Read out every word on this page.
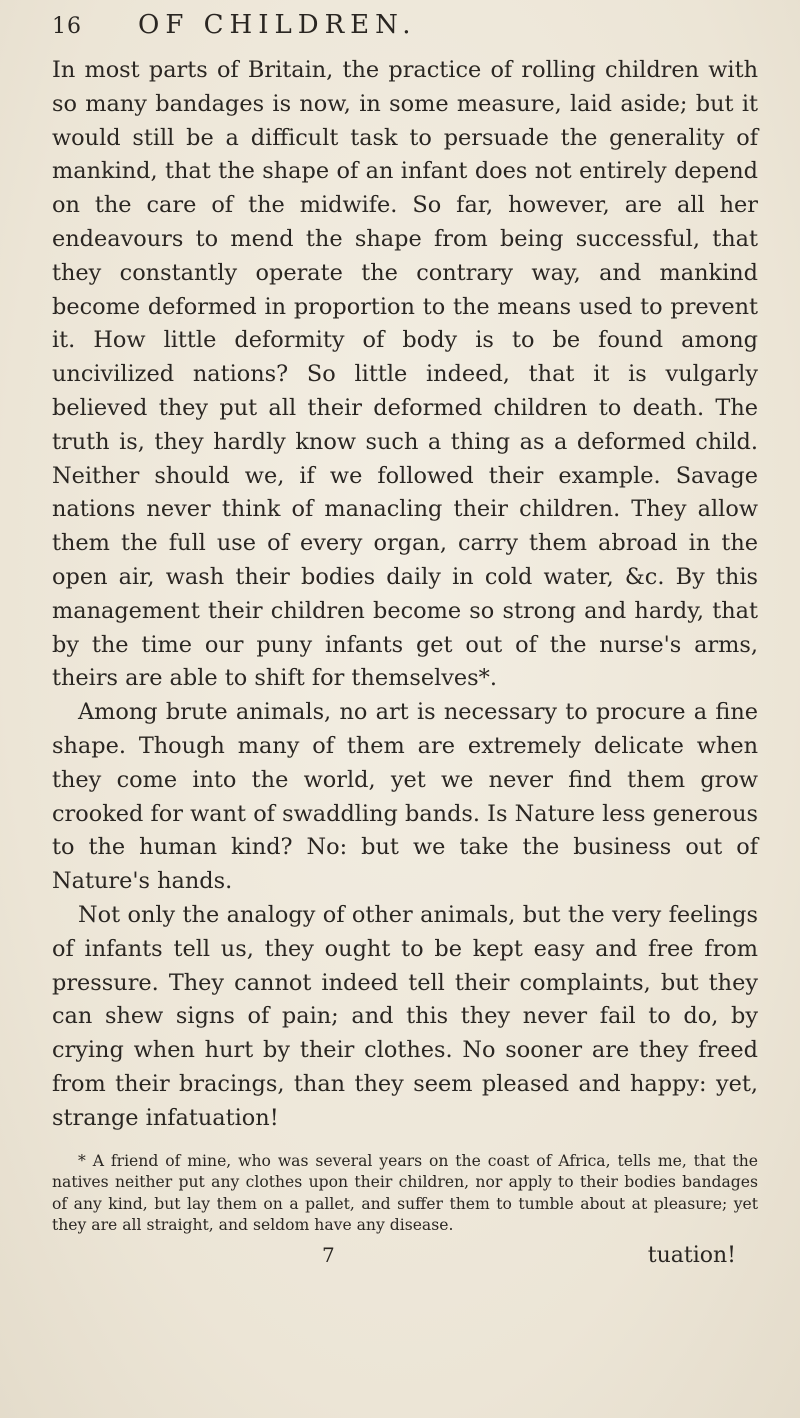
16	OF CHILDREN.

In most parts of Britain, the practice of rolling children with so many bandages is now, in some measure, laid aside; but it would still be a difficult task to persuade the generality of mankind, that the shape of an infant does not entirely depend on the care of the midwife. So far, however, are all her endeavours to mend the shape from being successful, that they constantly operate the contrary way, and mankind become deformed in proportion to the means used to prevent it. How little deformity of body is to be found among uncivilized nations? So little indeed, that it is vulgarly believed they put all their deformed children to death. The truth is, they hardly know such a thing as a deformed child. Neither should we, if we followed their example. Savage nations never think of manacling their children. They allow them the full use of every organ, carry them abroad in the open air, wash their bodies daily in cold water, &c. By this management their children become so strong and hardy, that by the time our puny infants get out of the nurse's arms, theirs are able to shift for themselves*.

Among brute animals, no art is necessary to procure a fine shape. Though many of them are extremely delicate when they come into the world, yet we never find them grow crooked for want of swaddling bands. Is Nature less generous to the human kind? No: but we take the business out of Nature's hands.

Not only the analogy of other animals, but the very feelings of infants tell us, they ought to be kept easy and free from pressure. They cannot indeed tell their complaints, but they can shew signs of pain; and this they never fail to do, by crying when hurt by their clothes. No sooner are they freed from their bracings, than they seem pleased and happy: yet, strange infatuation!

* A friend of mine, who was several years on the coast of Africa, tells me, that the natives neither put any clothes upon their children, nor apply to their bodies bandages of any kind, but lay them on a pallet, and suffer them to tumble about at pleasure; yet they are all straight, and seldom have any disease.
7	tuation!
